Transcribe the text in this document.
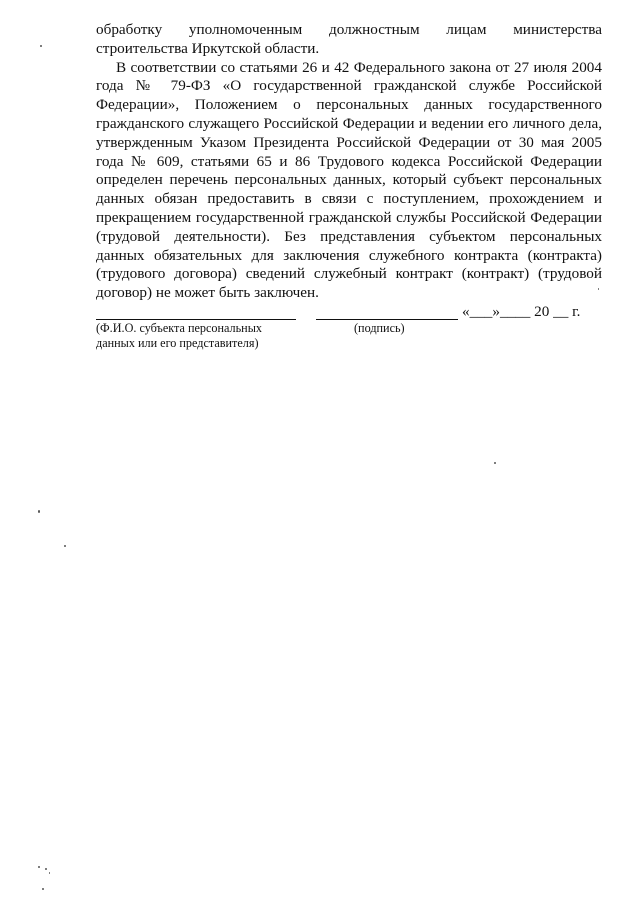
обработку уполномоченным должностным лицам министерства строительства Иркутской области.

В соответствии со статьями 26 и 42 Федерального закона от 27 июля 2004 года № 79-ФЗ «О государственной гражданской службе Российской Федерации», Положением о персональных данных государственного гражданского служащего Российской Федерации и ведении его личного дела, утвержденным Указом Президента Российской Федерации от 30 мая 2005 года № 609, статьями 65 и 86 Трудового кодекса Российской Федерации определен перечень персональных данных, который субъект персональных данных обязан предоставить в связи с поступлением, прохождением и прекращением государственной гражданской службы Российской Федерации (трудовой деятельности). Без представления субъектом персональных данных обязательных для заключения служебного контракта (контракта) (трудового договора) сведений служебный контракт (контракт) (трудовой договор) не может быть заключен.

«___»____ 20 __ г.
(Ф.И.О. субъекта персональных данных или его представителя)
(подпись)
